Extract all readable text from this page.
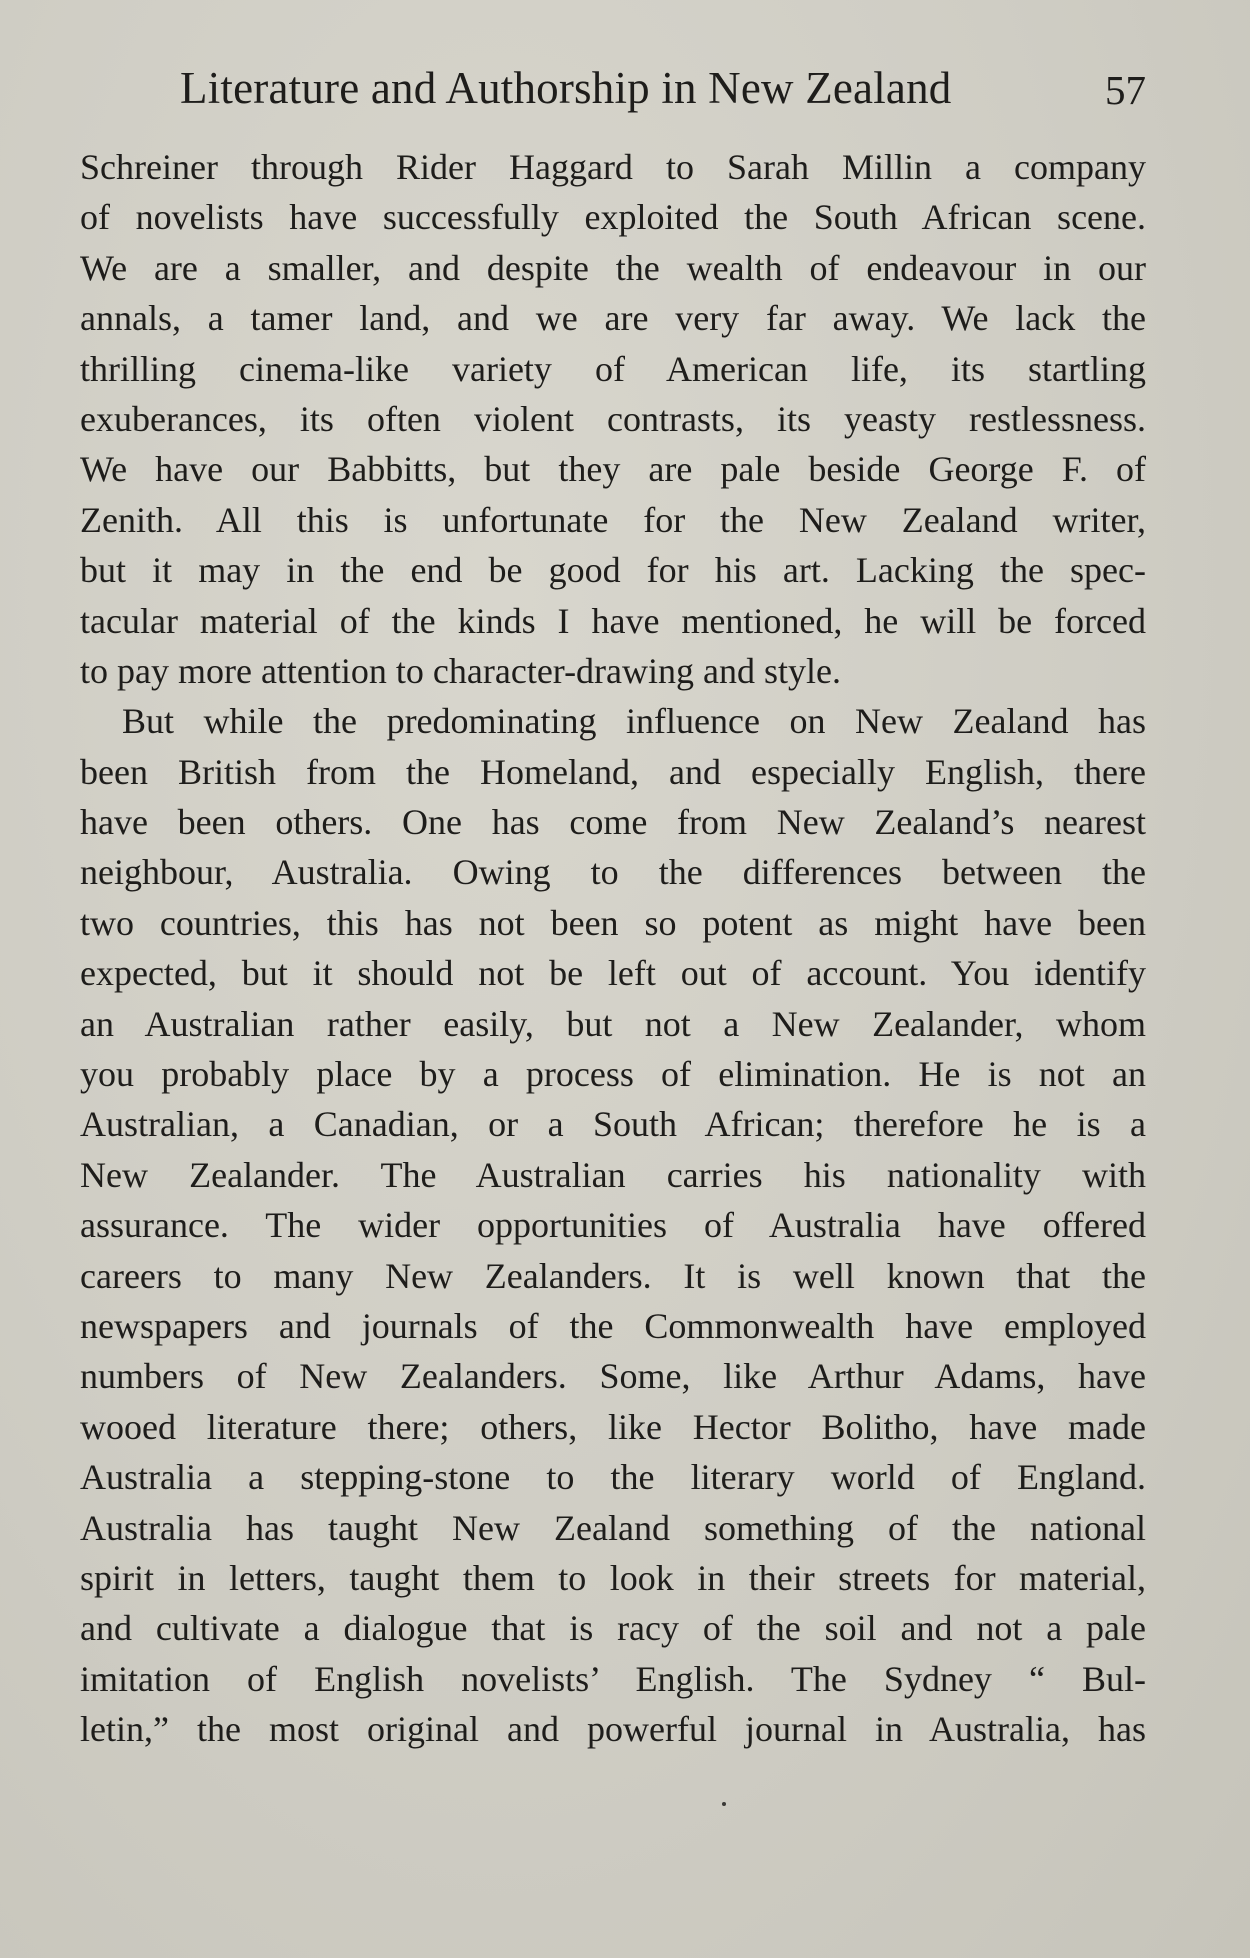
Literature and Authorship in New Zealand	57
Schreiner through Rider Haggard to Sarah Millin a company
of novelists have successfully exploited the South African scene.
We are a smaller, and despite the wealth of endeavour in our
annals, a tamer land, and we are very far away. We lack the
thrilling cinema-like variety of American life, its startling
exuberances, its often violent contrasts, its yeasty restlessness.
We have our Babbitts, but they are pale beside George F. of
Zenith. All this is unfortunate for the New Zealand writer,
but it may in the end be good for his art. Lacking the spec-
tacular material of the kinds I have mentioned, he will be forced
to pay more attention to character-drawing and style.
But while the predominating influence on New Zealand has
been British from the Homeland, and especially English, there
have been others. One has come from New Zealand’s nearest
neighbour, Australia. Owing to the differences between the
two countries, this has not been so potent as might have been
expected, but it should not be left out of account. You identify
an Australian rather easily, but not a New Zealander, whom
you probably place by a process of elimination. He is not an
Australian, a Canadian, or a South African; therefore he is a
New Zealander. The Australian carries his nationality with
assurance. The wider opportunities of Australia have offered
careers to many New Zealanders. It is well known that the
newspapers and journals of the Commonwealth have employed
numbers of New Zealanders. Some, like Arthur Adams, have
wooed literature there; others, like Hector Bolitho, have made
Australia a stepping-stone to the literary world of England.
Australia has taught New Zealand something of the national
spirit in letters, taught them to look in their streets for material,
and cultivate a dialogue that is racy of the soil and not a pale
imitation of English novelists’ English. The Sydney “ Bul-
letin,” the most original and powerful journal in Australia, has
